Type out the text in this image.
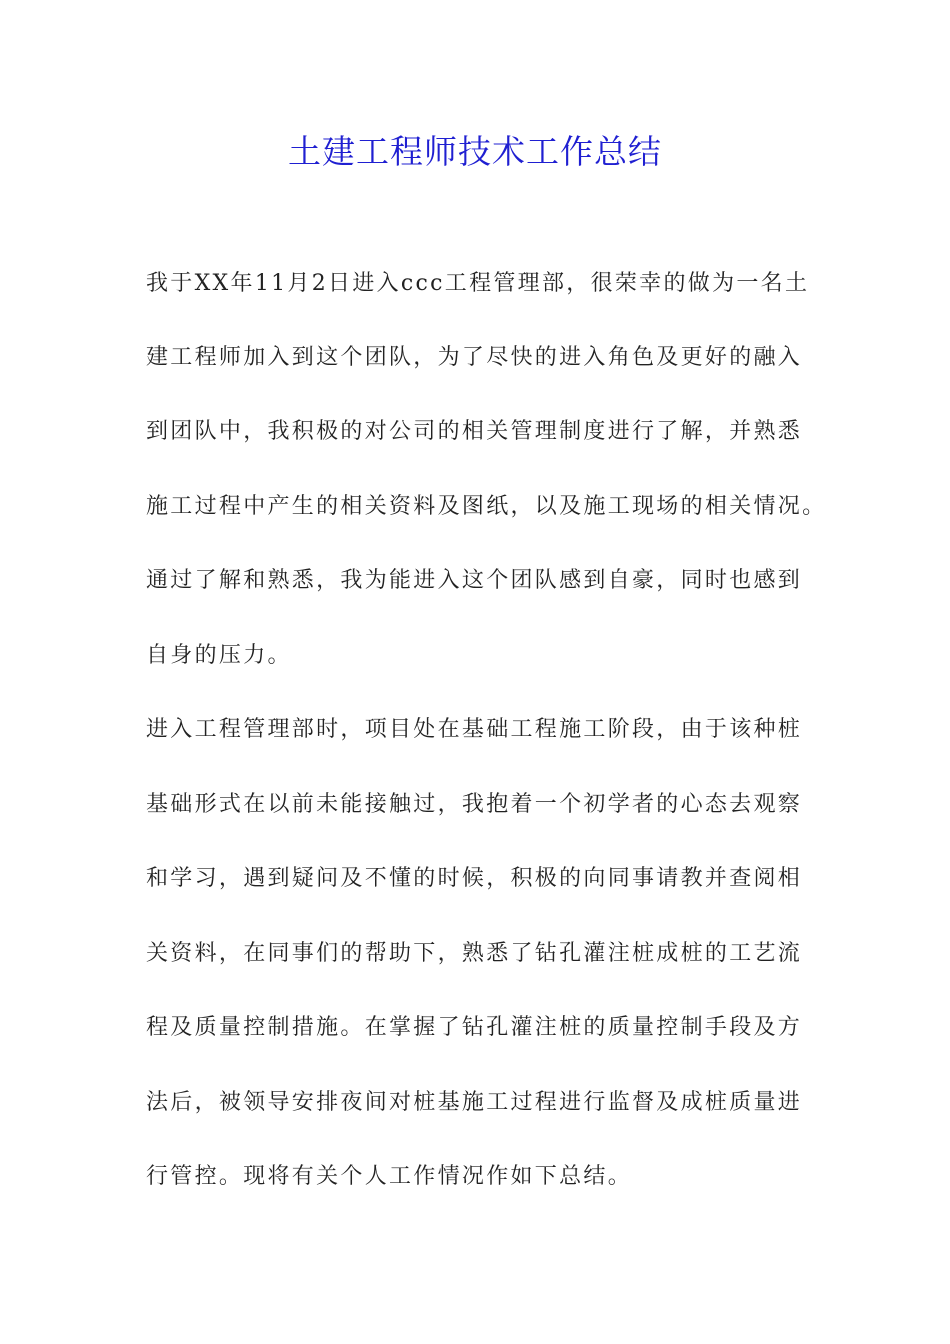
土建工程师技术工作总结
我于XX年11月2日进入ccc工程管理部，很荣幸的做为一名土
建工程师加入到这个团队，为了尽快的进入角色及更好的融入
到团队中，我积极的对公司的相关管理制度进行了解，并熟悉
施工过程中产生的相关资料及图纸，以及施工现场的相关情况。
通过了解和熟悉，我为能进入这个团队感到自豪，同时也感到
自身的压力。
进入工程管理部时，项目处在基础工程施工阶段，由于该种桩
基础形式在以前未能接触过，我抱着一个初学者的心态去观察
和学习，遇到疑问及不懂的时候，积极的向同事请教并查阅相
关资料，在同事们的帮助下，熟悉了钻孔灌注桩成桩的工艺流
程及质量控制措施。在掌握了钻孔灌注桩的质量控制手段及方
法后，被领导安排夜间对桩基施工过程进行监督及成桩质量进
行管控。现将有关个人工作情况作如下总结。
